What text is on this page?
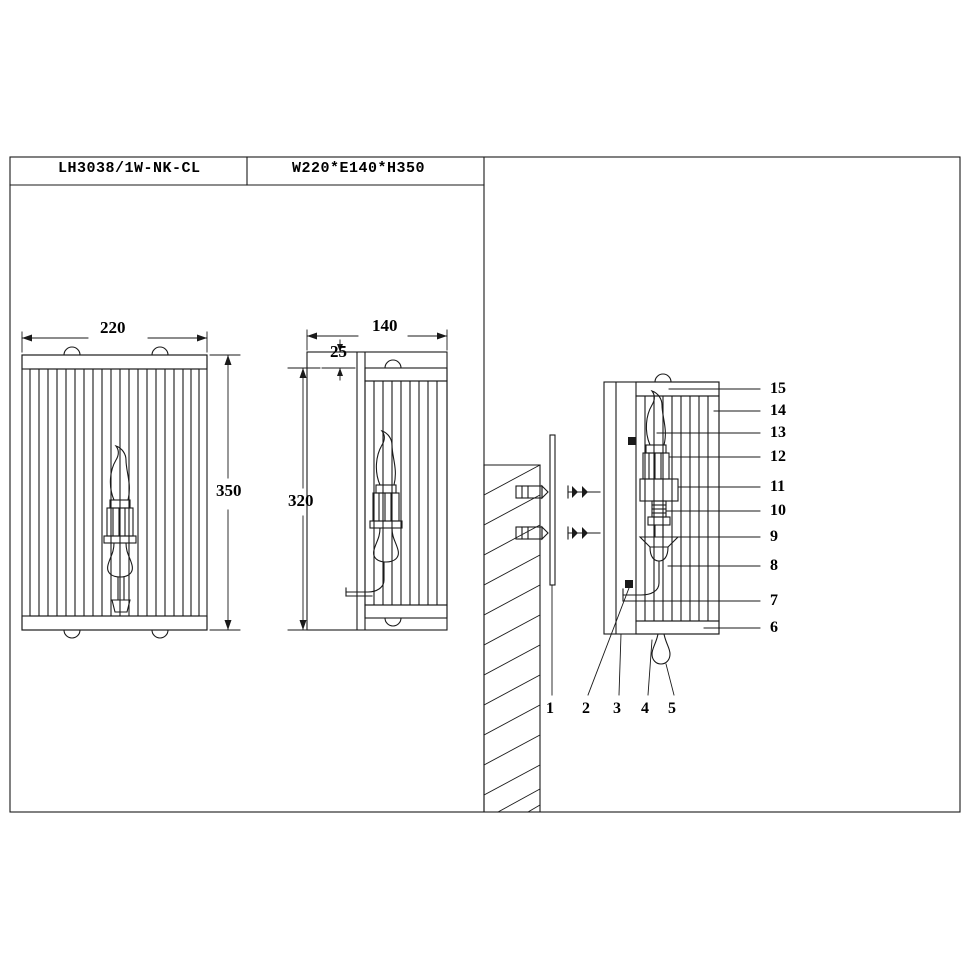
LH3038/1W-NK-CL	W220*E140*H350
220
350
140
25
320
15
14
13
12
11
10
9
8
7
6
1 2 3 4 5
